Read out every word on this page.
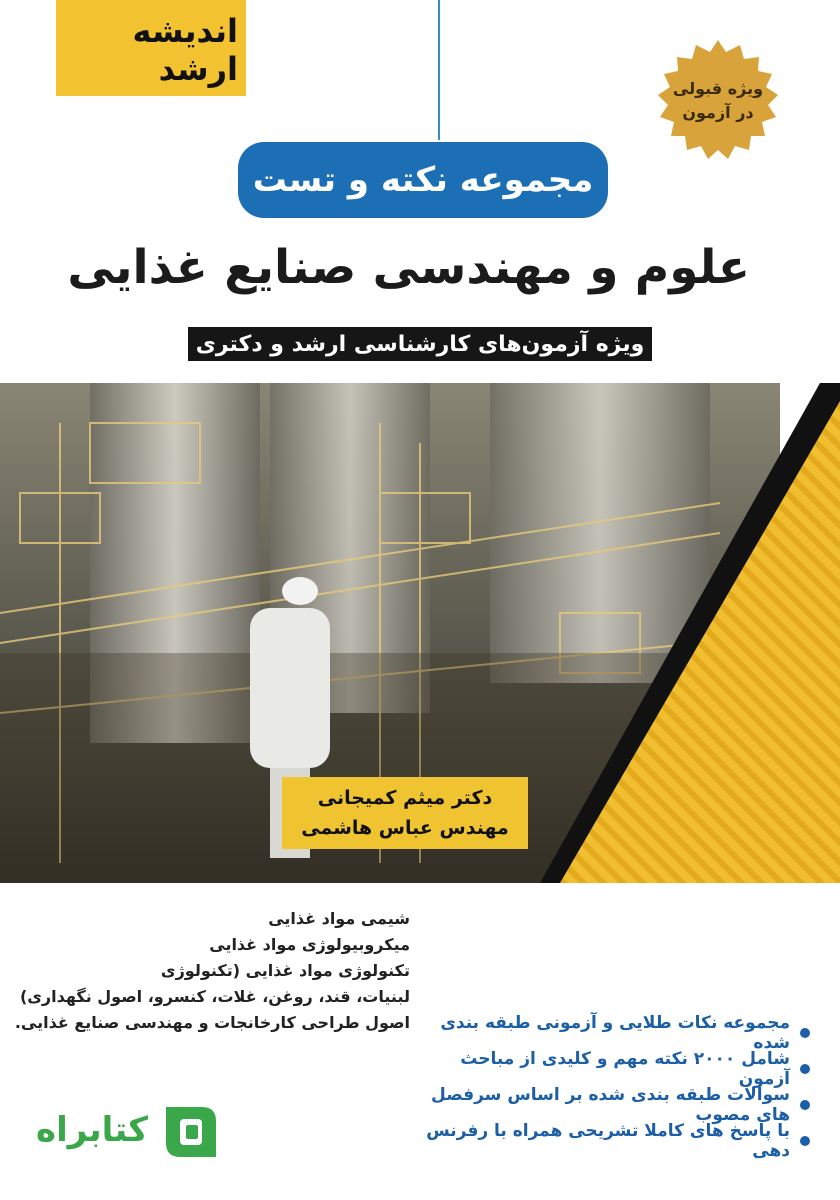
اندیشه ارشد
ویژه قبولی
در آزمون
مجموعه نکته و تست
علوم و مهندسی صنایع غذایی
ویژه آزمون‌های کارشناسی ارشد و دکتری
دکتر میثم کمیجانی
مهندس عباس هاشمی
شیمی مواد غذایی
میکروبیولوژی مواد غذایی
تکنولوژی مواد غذایی (تکنولوژی
لبنیات، قند، روغن، غلات، کنسرو، اصول نگهداری)
اصول طراحی کارخانجات و مهندسی صنایع غذایی.	مجموعه نکات طلایی و آزمونی طبقه بندی شده
شامل ۲۰۰۰ نکته مهم و کلیدی از مباحث آزمون
سوالات طبقه بندی شده بر اساس سرفصل های مصوب
با پاسخ های کاملا تشریحی همراه با رفرنس دهی
کتابراه
